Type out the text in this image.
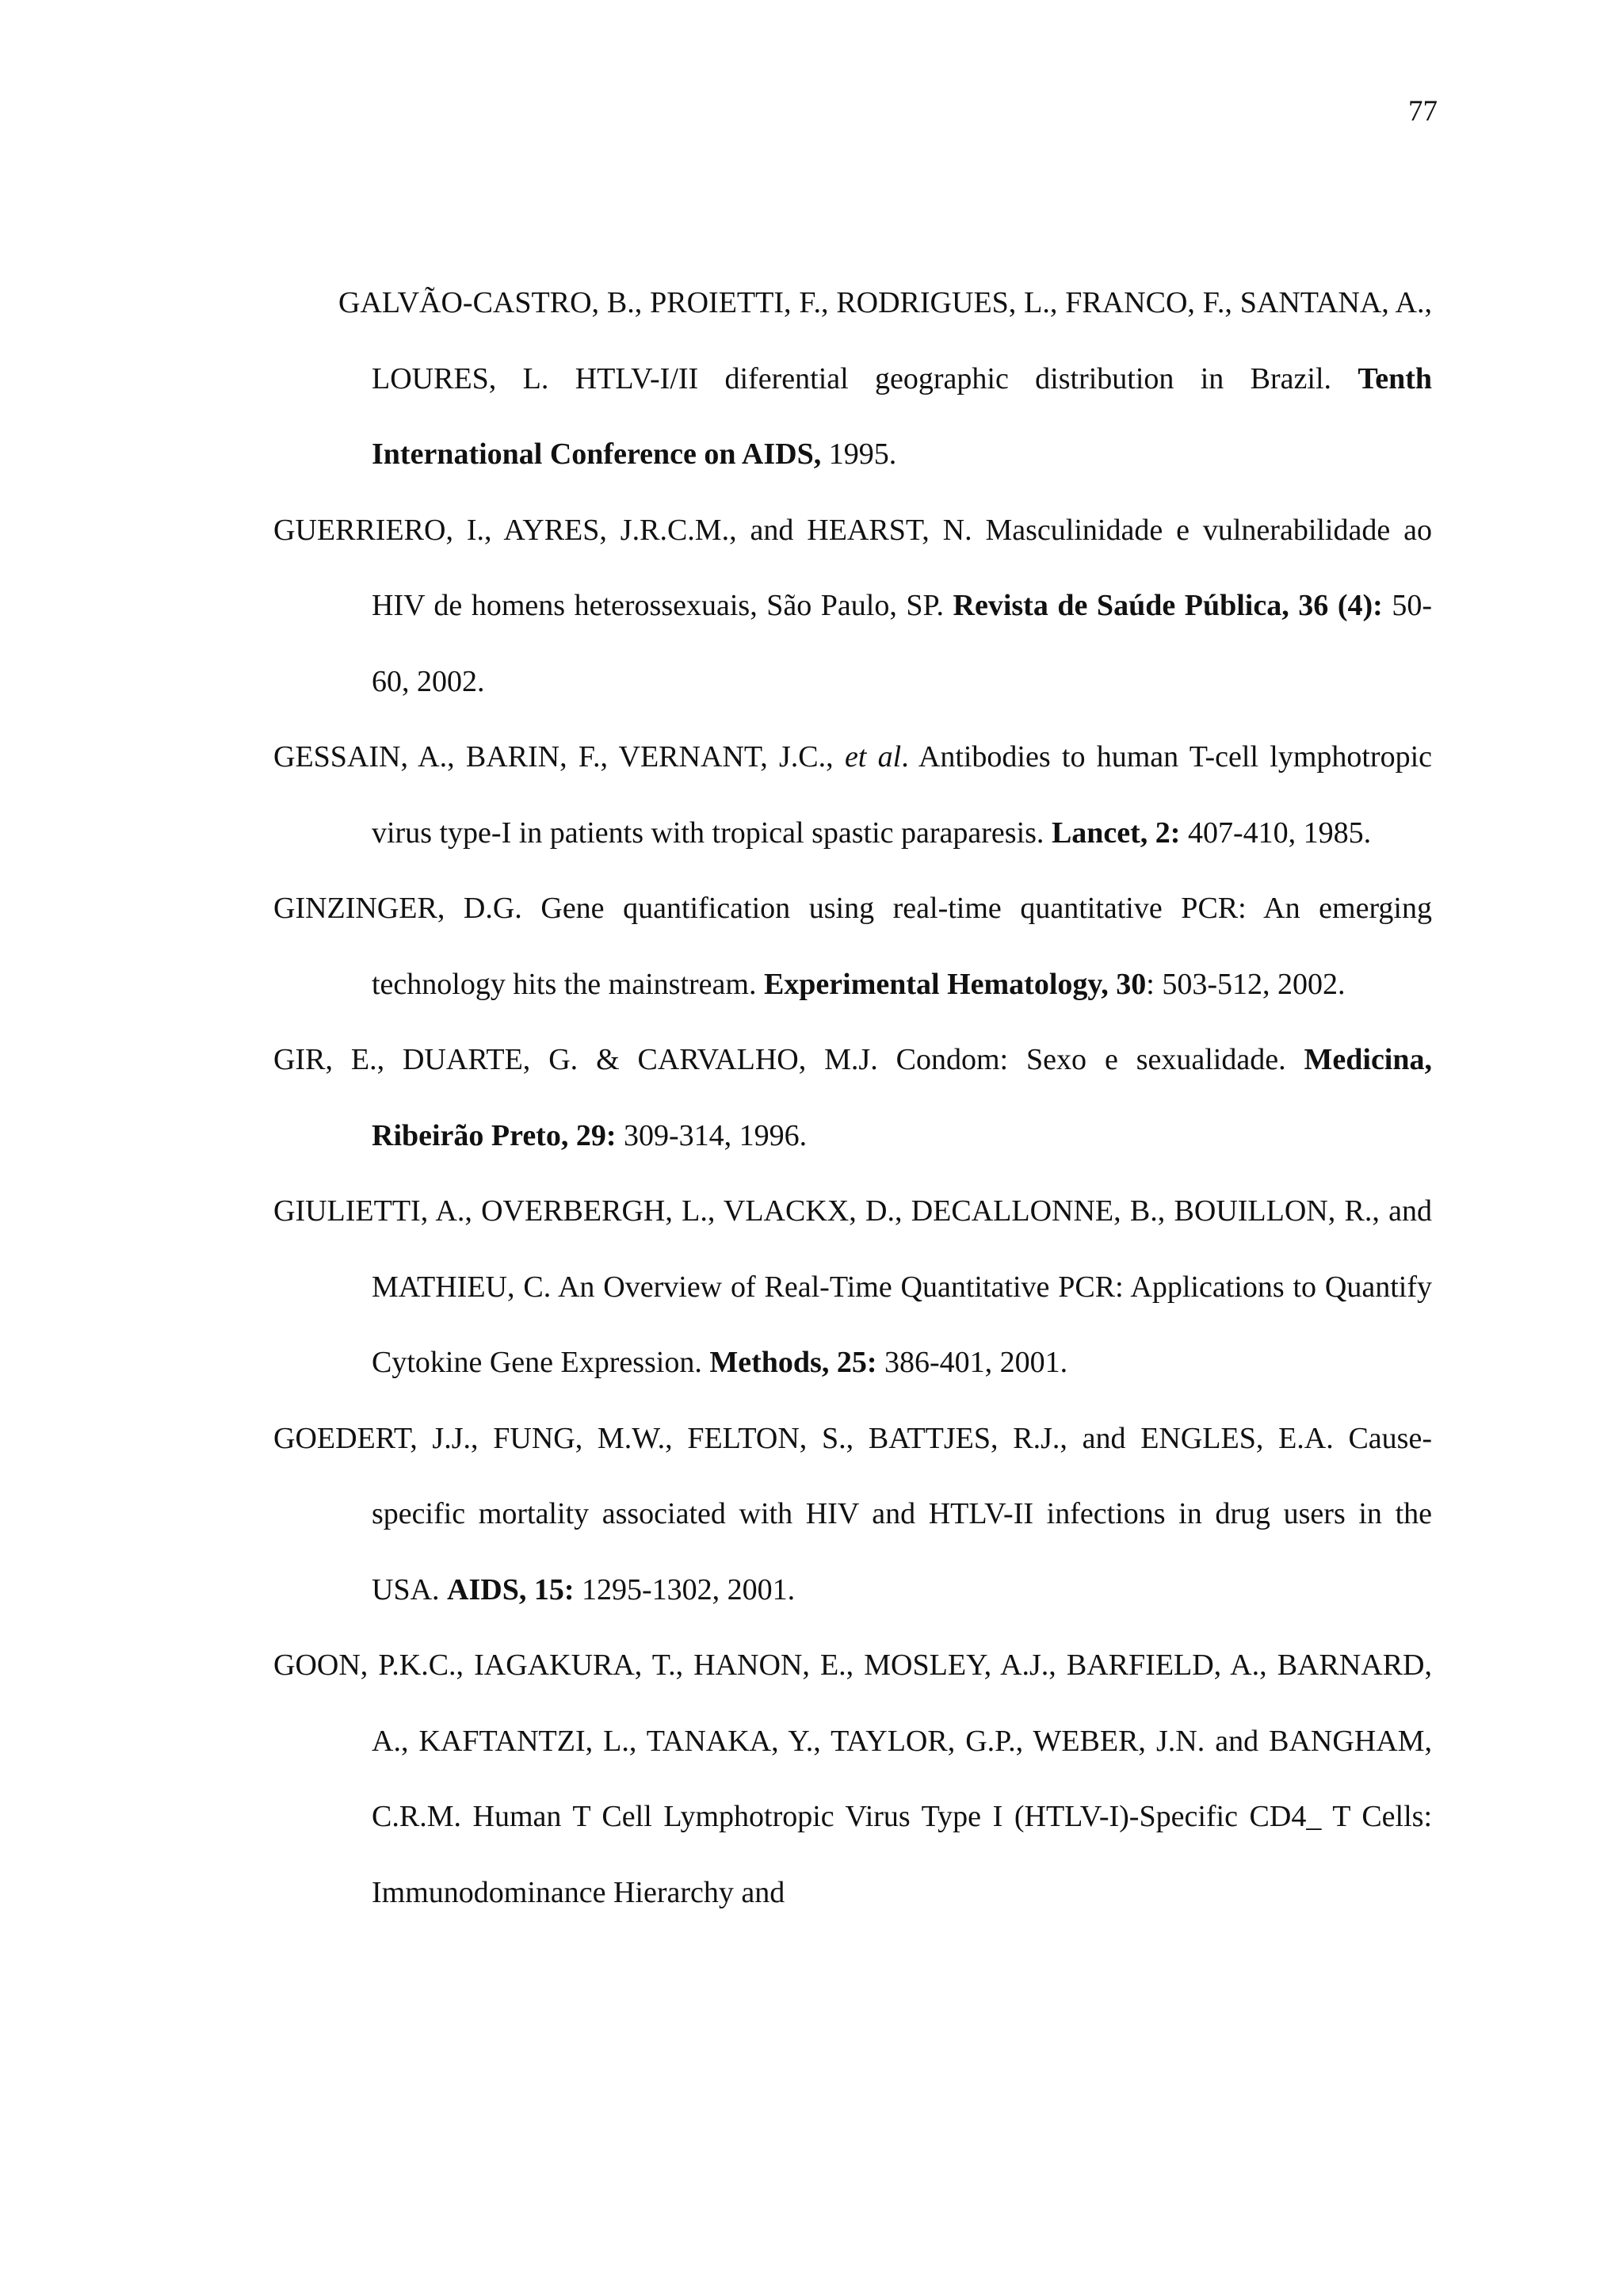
77

GALVÃO-CASTRO, B., PROIETTI, F., RODRIGUES, L., FRANCO, F., SANTANA, A., LOURES, L. HTLV-I/II diferential geographic distribution in Brazil. Tenth International Conference on AIDS, 1995.

GUERRIERO, I., AYRES, J.R.C.M., and HEARST, N. Masculinidade e vulnerabilidade ao HIV de homens heterossexuais, São Paulo, SP. Revista de Saúde Pública, 36 (4): 50-60, 2002.

GESSAIN, A., BARIN, F., VERNANT, J.C., et al. Antibodies to human T-cell lymphotropic virus type-I in patients with tropical spastic paraparesis. Lancet, 2: 407-410, 1985.

GINZINGER, D.G. Gene quantification using real-time quantitative PCR: An emerging technology hits the mainstream. Experimental Hematology, 30: 503-512, 2002.

GIR, E., DUARTE, G. & CARVALHO, M.J. Condom: Sexo e sexualidade. Medicina, Ribeirão Preto, 29: 309-314, 1996.

GIULIETTI, A., OVERBERGH, L., VLACKX, D., DECALLONNE, B., BOUILLON, R., and MATHIEU, C. An Overview of Real-Time Quantitative PCR: Applications to Quantify Cytokine Gene Expression. Methods, 25: 386-401, 2001.

GOEDERT, J.J., FUNG, M.W., FELTON, S., BATTJES, R.J., and ENGLES, E.A. Cause-specific mortality associated with HIV and HTLV-II infections in drug users in the USA. AIDS, 15: 1295-1302, 2001.

GOON, P.K.C., IAGAKURA, T., HANON, E., MOSLEY, A.J., BARFIELD, A., BARNARD, A., KAFTANTZI, L., TANAKA, Y., TAYLOR, G.P., WEBER, J.N. and BANGHAM, C.R.M. Human T Cell Lymphotropic Virus Type I (HTLV-I)-Specific CD4_ T Cells: Immunodominance Hierarchy and
